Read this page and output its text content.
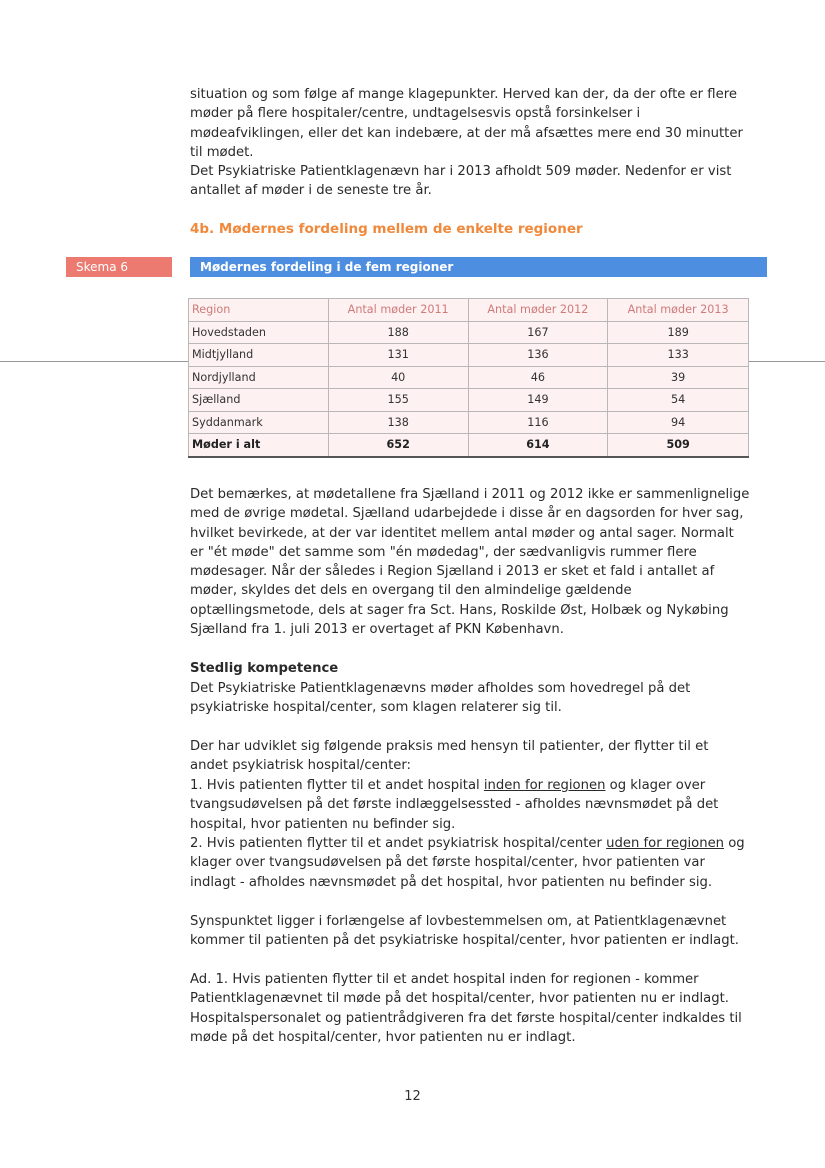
situation og som følge af mange klagepunkter. Herved kan der, da der ofte er flere møder på flere hospitaler/centre, undtagelsesvis opstå forsinkelser i mødeafviklingen, eller det kan indebære, at der må afsættes mere end 30 minutter til mødet.

Det Psykiatriske Patientklagenævn har i 2013 afholdt 509 møder. Nedenfor er vist antallet af møder i de seneste tre år.

4b. Mødernes fordeling mellem de enkelte regioner

Skema 6	Mødernes fordeling i de fem regioner
Region	Antal møder 2011	Antal møder 2012	Antal møder 2013
Hovedstaden	188	167	189
Midtjylland	131	136	133
Nordjylland	40	46	39
Sjælland	155	149	54
Syddanmark	138	116	94
Møder i alt	652	614	509

Det bemærkes, at mødetallene fra Sjælland i 2011 og 2012 ikke er sammenlignelige med de øvrige mødetal. Sjælland udarbejdede i disse år en dagsorden for hver sag, hvilket bevirkede, at der var identitet mellem antal møder og antal sager. Normalt er "ét møde" det samme som "én mødedag", der sædvanligvis rummer flere mødesager. Når der således i Region Sjælland i 2013 er sket et fald i antallet af møder, skyldes det dels en overgang til den almindelige gældende optællingsmetode, dels at sager fra Sct. Hans, Roskilde Øst, Holbæk og Nykøbing Sjælland fra 1. juli 2013 er overtaget af PKN København.

Stedlig kompetence

Det Psykiatriske Patientklagenævns møder afholdes som hovedregel på det psykiatriske hospital/center, som klagen relaterer sig til.

Der har udviklet sig følgende praksis med hensyn til patienter, der flytter til et andet psykiatrisk hospital/center:

1. Hvis patienten flytter til et andet hospital inden for regionen og klager over tvangsudøvelsen på det første indlæggelsessted - afholdes nævnsmødet på det hospital, hvor patienten nu befinder sig.

2. Hvis patienten flytter til et andet psykiatrisk hospital/center uden for regionen og klager over tvangsudøvelsen på det første hospital/center, hvor patienten var indlagt - afholdes nævnsmødet på det hospital, hvor patienten nu befinder sig.

Synspunktet ligger i forlængelse af lovbestemmelsen om, at Patientklagenævnet kommer til patienten på det psykiatriske hospital/center, hvor patienten er indlagt.

Ad. 1. Hvis patienten flytter til et andet hospital inden for regionen - kommer Patientklagenævnet til møde på det hospital/center, hvor patienten nu er indlagt. Hospitalspersonalet og patientrådgiveren fra det første hospital/center indkaldes til møde på det hospital/center, hvor patienten nu er indlagt.

12
